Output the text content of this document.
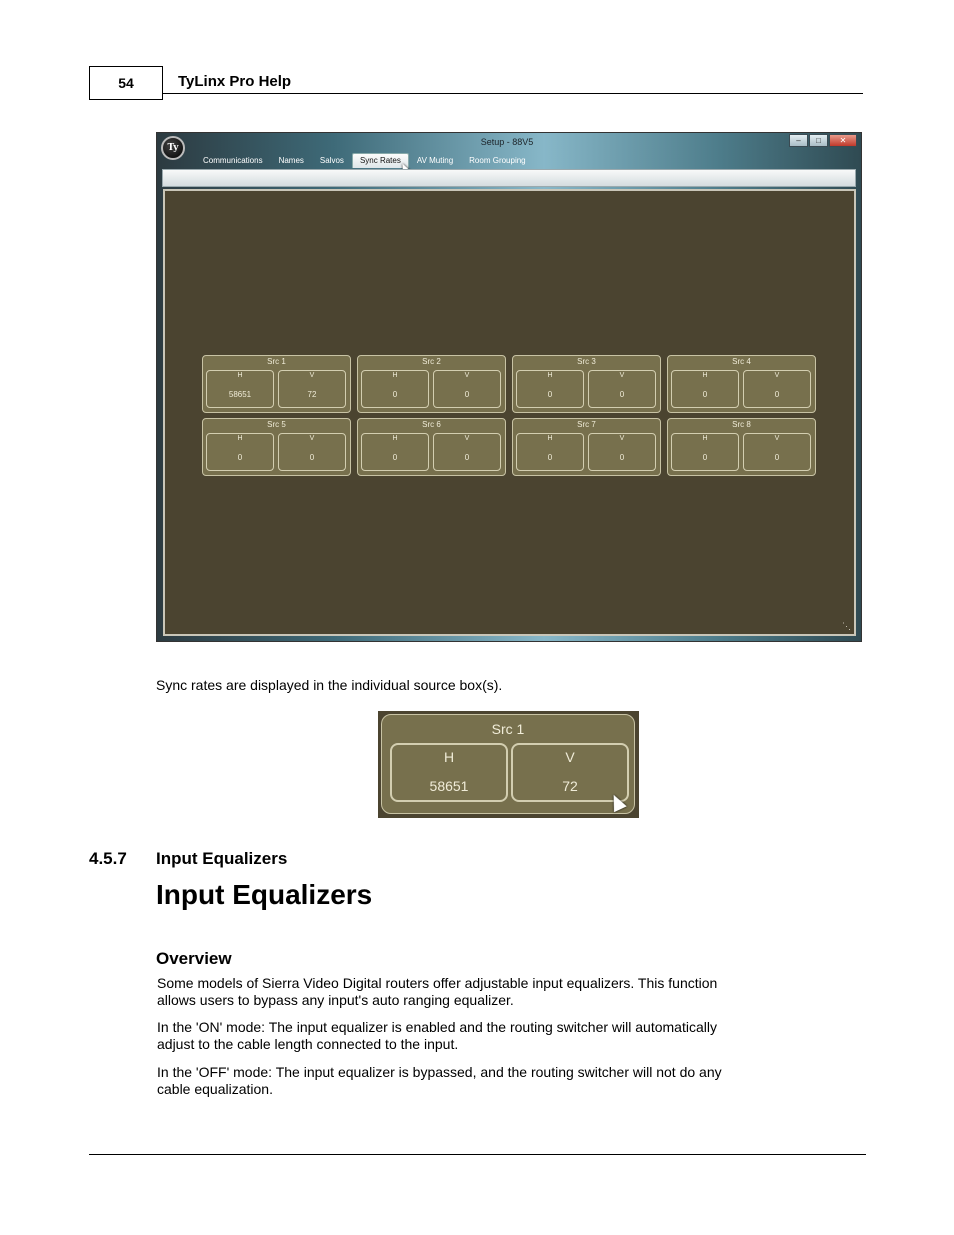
54	TyLinx Pro Help
Ty
Setup - 88V5	–	□	✕
Communications	Names	Salvos	Sync Rates	AV Muting	Room Grouping
Src 1
H
58651
V
72
Src 2
H
0
V
0
Src 3
H
0
V
0
Src 4
H
0
V
0
Src 5
H
0
V
0
Src 6
H
0
V
0
Src 7
H
0
V
0
Src 8
H
0
V
0
⋱
Sync rates are displayed in the individual source box(s).
Src 1
H
58651
V
72
4.5.7 Input Equalizers
Input Equalizers
Overview
Some models of Sierra Video Digital routers offer adjustable input equalizers. This function allows users to bypass any input's auto ranging equalizer.
In the 'ON' mode: The input equalizer is enabled and the routing switcher will automatically adjust to the cable length connected to the input.
In the 'OFF' mode: The input equalizer is bypassed, and the routing switcher will not do any cable equalization.
